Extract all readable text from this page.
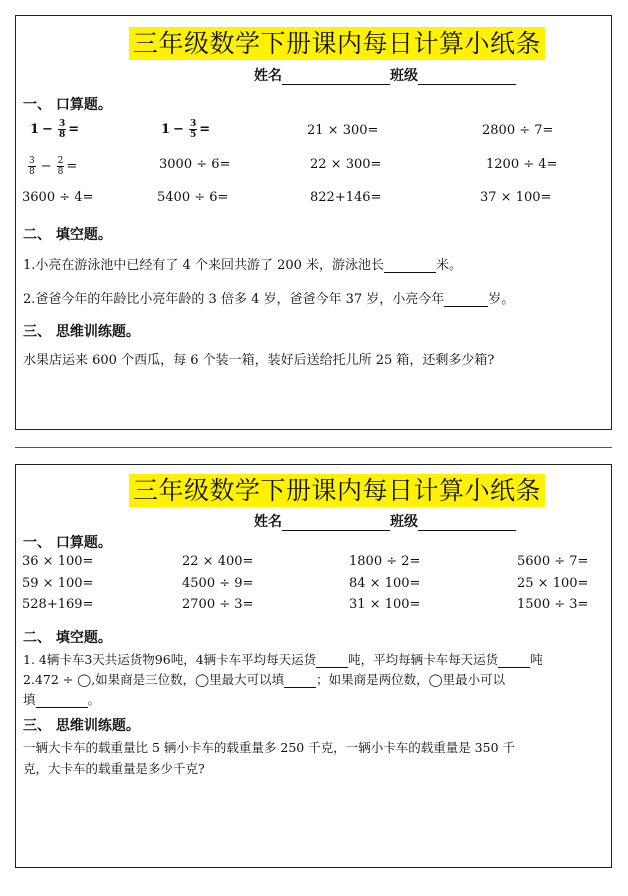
三年级数学下册课内每日计算小纸条
姓名	班级
一、 口算题。
$1 - \frac{3}{8}$ =	$1 - \frac{3}{5}$ =	21 × 300=	2800 ÷ 7=
$\frac{3}{8} - \frac{2}{8}$ =	3000 ÷ 6=	22 × 300=	1200 ÷ 4=
3600 ÷ 4=	5400 ÷ 6=	822+146=	37 × 100=
二、 填空题。
1.小亮在游泳池中已经有了 4 个来回共游了 200 米，游泳池长	米。
2.爸爸今年的年龄比小亮年龄的 3 倍多 4 岁，爸爸今年 37 岁，小亮今年	岁。
三、 思维训练题。
水果店运来 600 个西瓜，每 6 个装一箱，装好后送给托儿所 25 箱，还剩多少箱?
三年级数学下册课内每日计算小纸条
姓名	班级
一、 口算题。
36 × 100=	22 × 400=	1800 ÷ 2=	5600 ÷ 7=
59 × 100=	4500 ÷ 9=	84 × 100=	25 × 100=
528+169=	2700 ÷ 3=	31 × 100=	1500 ÷ 3=
二、 填空题。
1. 4辆卡车3天共运货物96吨，4辆卡车平均每天运货	吨，平均每辆卡车每天运货	吨
2.472 ÷ ◯,如果商是三位数，◯里最大可以填	；如果商是两位数，◯里最小可以
填	。
三、 思维训练题。
一辆大卡车的载重量比 5 辆小卡车的载重量多 250 千克，一辆小卡车的载重量是 350 千
克，大卡车的载重量是多少千克?
